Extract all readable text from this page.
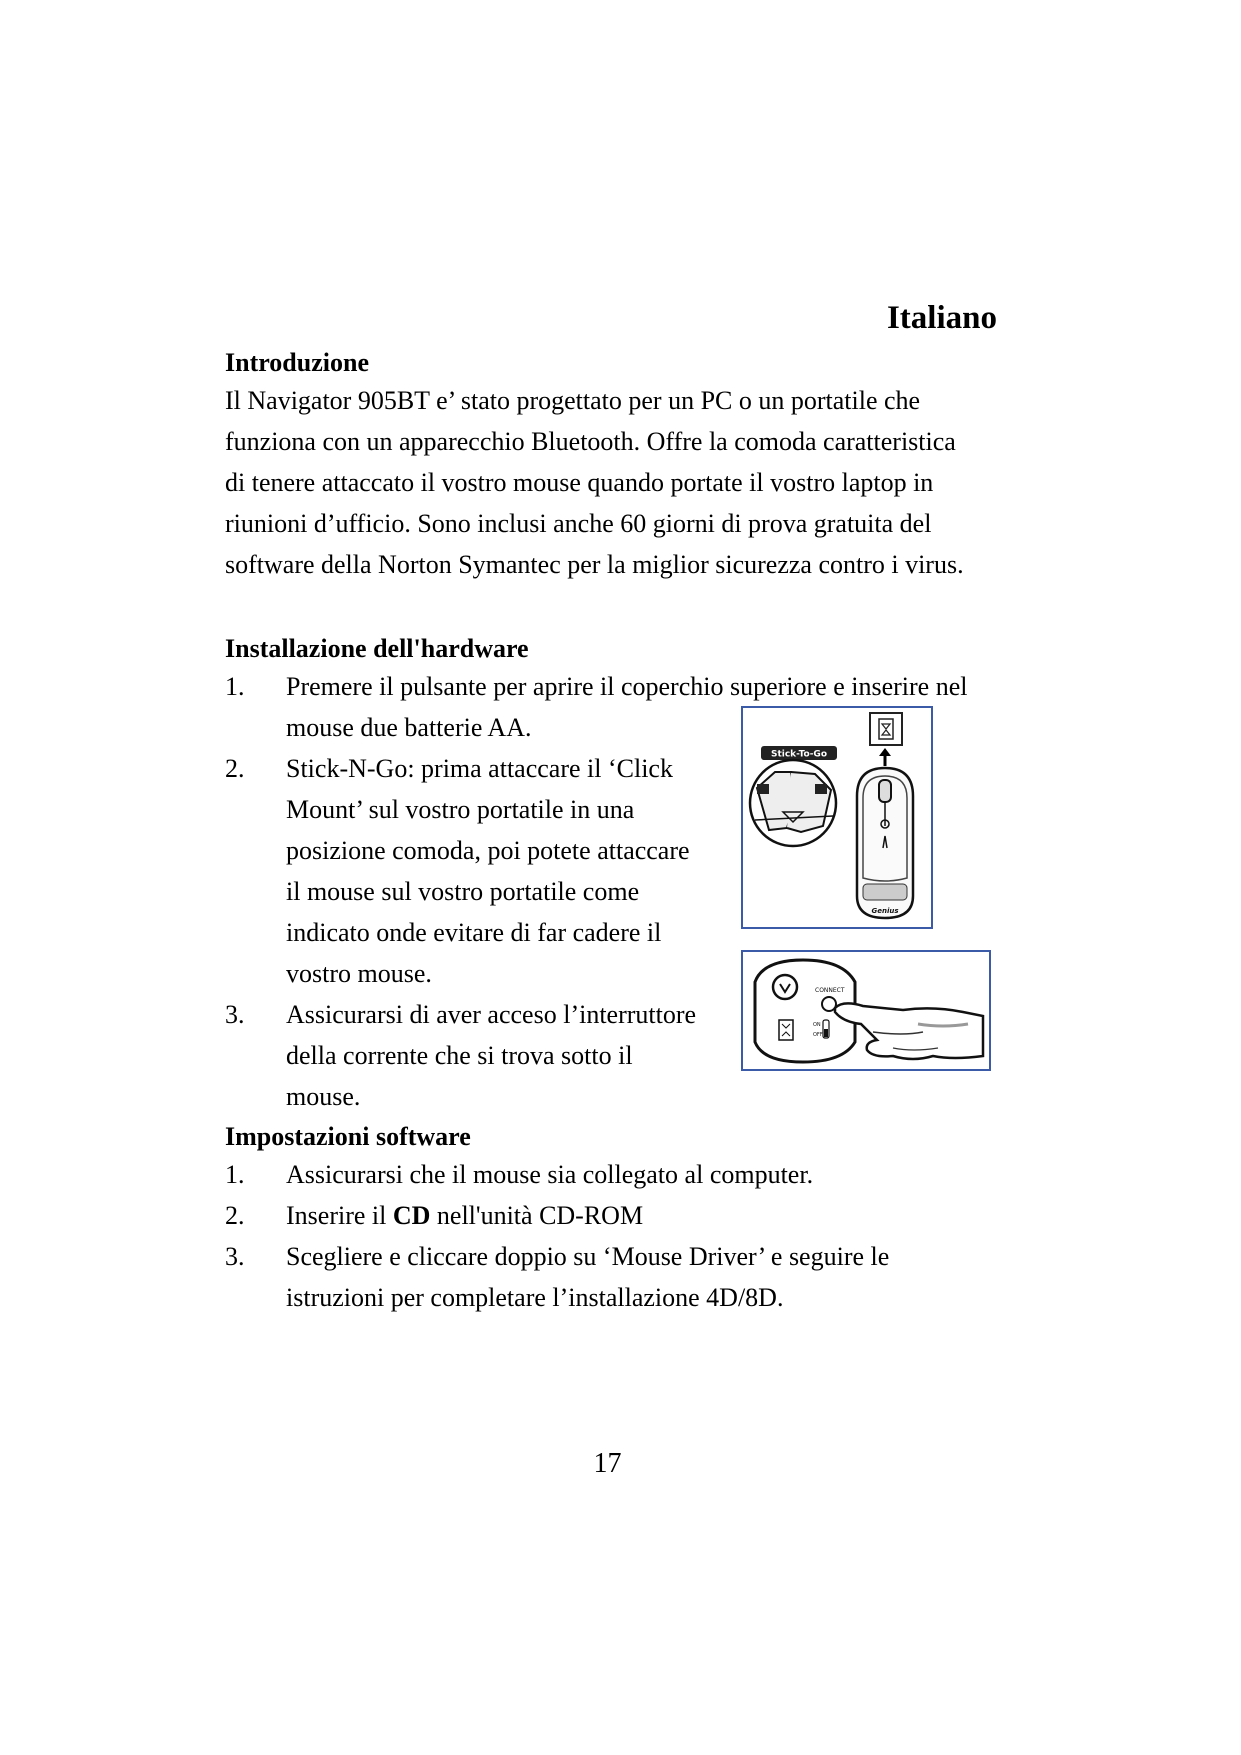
Italiano
Introduzione
Il Navigator 905BT e’ stato progettato per un PC o un portatile che
funziona con un apparecchio Bluetooth. Offre la comoda caratteristica
di tenere attaccato il vostro mouse quando portate il vostro laptop in
riunioni d’ufficio. Sono inclusi anche 60 giorni di prova gratuita del
software della Norton Symantec per la miglior sicurezza contro i virus.
Installazione dell'hardware
1. Premere il pulsante per aprire il coperchio superiore e inserire nel
mouse due batterie AA.
2. Stick-N-Go: prima attaccare il ‘Click
Mount’ sul vostro portatile in una
posizione comoda, poi potete attaccare
il mouse sul vostro portatile come
indicato onde evitare di far cadere il
vostro mouse.
3. Assicurarsi di aver acceso l’interruttore
della corrente che si trova sotto il
mouse.
Stick-To-Go
Genius
CONNECT
ON
OFF
Impostazioni software
1. Assicurarsi che il mouse sia collegato al computer.
2. Inserire il CD nell'unità CD-ROM
3. Scegliere e cliccare doppio su ‘Mouse Driver’ e seguire le
istruzioni per completare l’installazione 4D/8D.
17
